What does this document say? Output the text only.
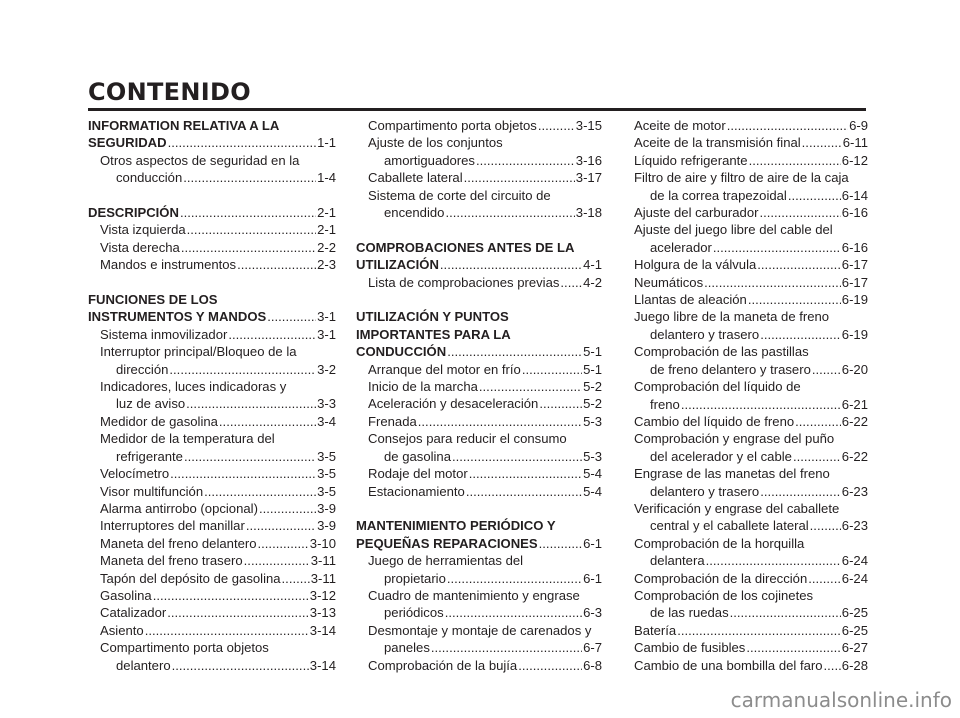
CONTENIDO
INFORMATION RELATIVA A LA
SEGURIDAD .....	1-1
Otros aspectos de seguridad en la
conducción .....	1-4
DESCRIPCIÓN .....	2-1
Vista izquierda .....	2-1
Vista derecha .....	2-2
Mandos e instrumentos .....	2-3
FUNCIONES DE LOS
INSTRUMENTOS Y MANDOS .....	3-1
Sistema inmovilizador .....	3-1
Interruptor principal/Bloqueo de la
dirección .....	3-2
Indicadores, luces indicadoras y
luz de aviso .....	3-3
Medidor de gasolina .....	3-4
Medidor de la temperatura del
refrigerante .....	3-5
Velocímetro .....	3-5
Visor multifunción .....	3-5
Alarma antirrobo (opcional) .....	3-9
Interruptores del manillar .....	3-9
Maneta del freno delantero .....	3-10
Maneta del freno trasero .....	3-11
Tapón del depósito de gasolina ..... 3-11
Gasolina .....	3-12
Catalizador .....	3-13
Asiento .....	3-14
Compartimento porta objetos
delantero .....	3-14
Compartimento porta objetos .....	3-15
Ajuste de los conjuntos
amortiguadores .....	3-16
Caballete lateral .....	3-17
Sistema de corte del circuito de
encendido .....	3-18
COMPROBACIONES ANTES DE LA
UTILIZACIÓN .....	4-1
Lista de comprobaciones previas ..... 4-2
UTILIZACIÓN Y PUNTOS
IMPORTANTES PARA LA
CONDUCCIÓN .....	5-1
Arranque del motor en frío .....	5-1
Inicio de la marcha .....	5-2
Aceleración y desaceleración .....	5-2
Frenada .....	5-3
Consejos para reducir el consumo
de gasolina .....	5-3
Rodaje del motor .....	5-4
Estacionamiento .....	5-4
MANTENIMIENTO PERIÓDICO Y
PEQUEÑAS REPARACIONES .....	6-1
Juego de herramientas del
propietario .....	6-1
Cuadro de mantenimiento y engrase
periódicos .....	6-3
Desmontaje y montaje de carenados y
paneles .....	6-7
Comprobación de la bujía .....	6-8
Aceite de motor .....	6-9
Aceite de la transmisión final .....	6-11
Líquido refrigerante .....	6-12
Filtro de aire y filtro de aire de la caja
de la correa trapezoidal .....	6-14
Ajuste del carburador .....	6-16
Ajuste del juego libre del cable del
acelerador .....	6-16
Holgura de la válvula .....	6-17
Neumáticos .....	6-17
Llantas de aleación .....	6-19
Juego libre de la maneta de freno
delantero y trasero .....	6-19
Comprobación de las pastillas
de freno delantero y trasero ..... 6-20
Comprobación del líquido de
freno .....	6-21
Cambio del líquido de freno .....	6-22
Comprobación y engrase del puño
del acelerador y el cable .....	6-22
Engrase de las manetas del freno
delantero y trasero .....	6-23
Verificación y engrase del caballete
central y el caballete lateral .....	6-23
Comprobación de la horquilla
delantera .....	6-24
Comprobación de la dirección .....	6-24
Comprobación de los cojinetes
de las ruedas .....	6-25
Batería .....	6-25
Cambio de fusibles .....	6-27
Cambio de una bombilla del faro ..... 6-28
carmanualsonline.info
